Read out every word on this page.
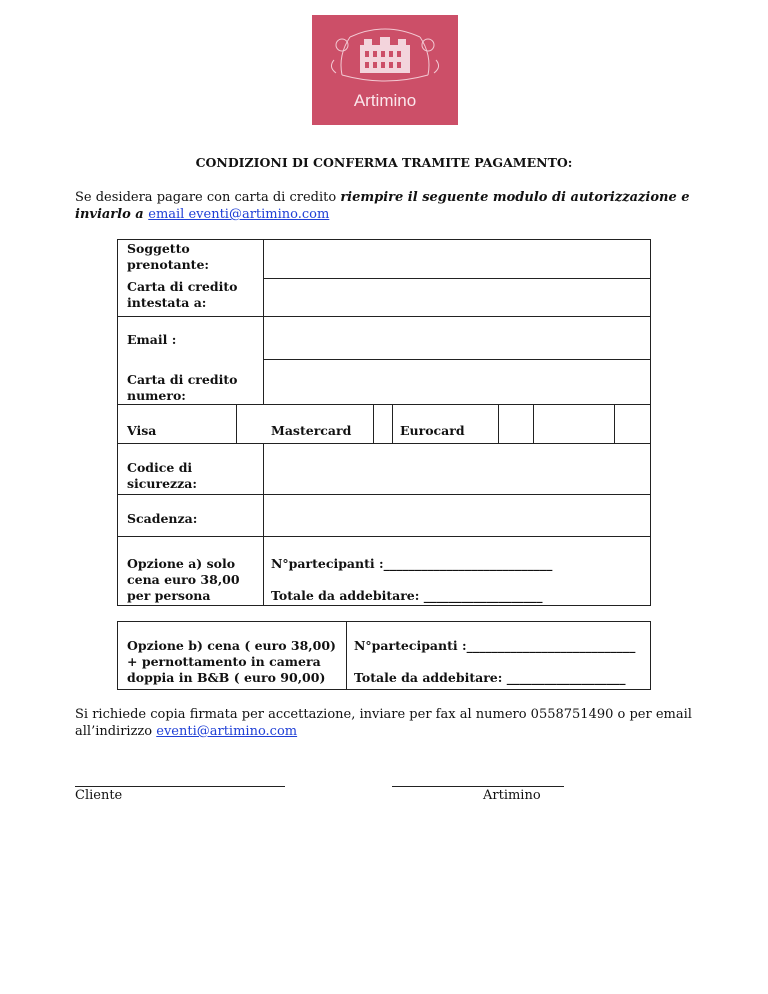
Artimino
CONDIZIONI DI CONFERMA TRAMITE PAGAMENTO:
Se desidera pagare con carta di credito riempire il seguente modulo di autorizzazione e inviarlo a email eventi@artimino.com
Soggetto prenotante:
Carta di credito intestata a:
Email :
Carta di credito numero:
Visa	Mastercard	Eurocard
Codice di sicurezza:
Scadenza:
Opzione a) solo cena euro 38,00 per persona
N°partecipanti :___________________________
Totale da addebitare: ___________________
Opzione b) cena ( euro 38,00) + pernottamento in camera doppia in B&B ( euro 90,00)
N°partecipanti :___________________________
Totale da addebitare: ___________________
Si richiede copia firmata per accettazione, inviare per fax al numero 0558751490 o per email all’indirizzo eventi@artimino.com
Cliente	Artimino
